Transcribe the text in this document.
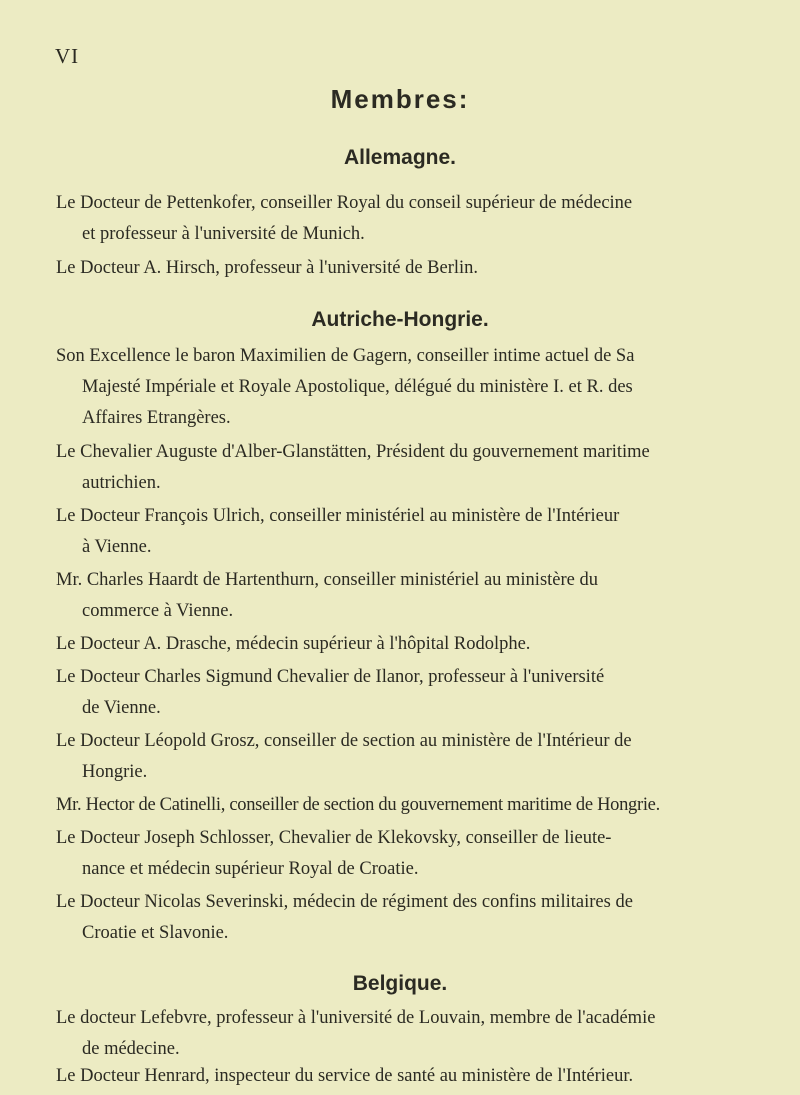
VI
Membres:
Allemagne.
Le Docteur de Pettenkofer, conseiller Royal du conseil supérieur de médecine
et professeur à l'université de Munich.
Le Docteur A. Hirsch, professeur à l'université de Berlin.
Autriche-Hongrie.
Son Excellence le baron Maximilien de Gagern, conseiller intime actuel de Sa
Majesté Impériale et Royale Apostolique, délégué du ministère I. et R. des
Affaires Etrangères.
Le Chevalier Auguste d'Alber-Glanstätten, Président du gouvernement maritime
autrichien.
Le Docteur François Ulrich, conseiller ministériel au ministère de l'Intérieur
à Vienne.
Mr. Charles Haardt de Hartenthurn, conseiller ministériel au ministère du
commerce à Vienne.
Le Docteur A. Drasche, médecin supérieur à l'hôpital Rodolphe.
Le Docteur Charles Sigmund Chevalier de Ilanor, professeur à l'université
de Vienne.
Le Docteur Léopold Grosz, conseiller de section au ministère de l'Intérieur de
Hongrie.
Mr. Hector de Catinelli, conseiller de section du gouvernement maritime de Hongrie.
Le Docteur Joseph Schlosser, Chevalier de Klekovsky, conseiller de lieute-
nance et médecin supérieur Royal de Croatie.
Le Docteur Nicolas Severinski, médecin de régiment des confins militaires de
Croatie et Slavonie.
Belgique.
Le docteur Lefebvre, professeur à l'université de Louvain, membre de l'académie
de médecine.
Le Docteur Henrard, inspecteur du service de santé au ministère de l'Intérieur.
